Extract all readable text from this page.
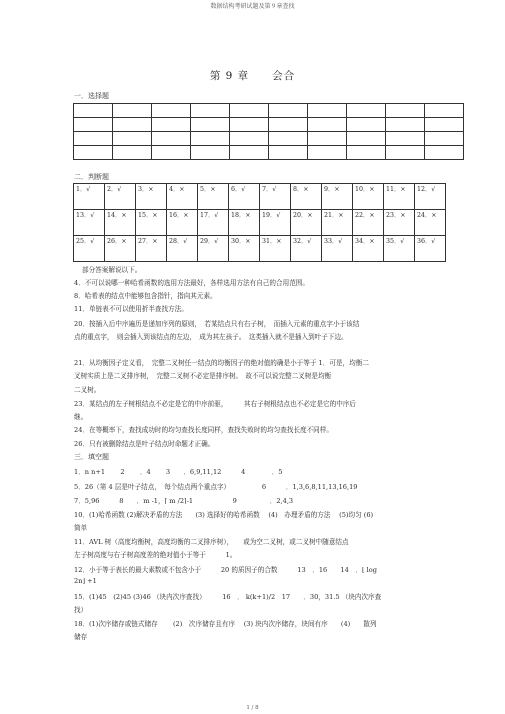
数据结构考研试题及第９章查找
第 9 章　　会合
一．选择题

二．判断题
1．√	2．√	3．×	4．×	5．×	6．√	7．√	8．×	9．×	10．×	11．×	12．√
13．√	14．×	15．×	16．×	17．√	18．×	19．√	20．×	21．×	22．×	23．×	24．×
25．√	26．×	27．×	28．√	29．√	30．×	31．×	32．√	33．√	34．×	35．√	36．√
部分答案解说以下。
4．不可以说哪一种哈希函数的选用方法最好，各样选用方法有自己的合用范围。
8．哈希表的结点中能够包含指针，指向其元素。
11．单链表不可以使用折半查找方法。
20．按插入后中序遍历是递加序列的原则，　若某结点只有右子树，　而插入元素的重点字小于该结
点的重点字，　则会插入到该结点的左边，　成为其左孩子。　这类插入就不是插入到叶子下边。
21．从均衡因子定义看，　完整二叉树任一结点的均衡因子的绝对值的确是小于等于 1．可是，均衡二
叉树实质上是二叉排序树，　完整二叉树不必定是排序树。　故不可以说完整二叉树是均衡
二叉树。
23．某结点的左子树根结点不必定是它的中序前驱，　　　其右子树根结点也不必定是它的中序后
继。
24．在等概率下，查找成功时的均匀查找长度同样，查找失败时的均匀查找长度不同样。
26．只有被删除结点是叶子结点时命题才正确。
1．n n+1　　 2　　 ．4　　 3　　．6,9,11,12　　　4　　　　．5
5．26（第 4 层是叶子结点，　每个结点两个重点字）　　　　　 6　　　．1,3,6,8,11,13,16,19
7．5,96　　　8　　．m -1，⌈ m /2⌉-1　　　　　　9　　　　　．2,4,3
10．(1)哈希函数 (2)解决矛盾的方法　　(3) 选择好的哈希函数　 (4)　办理矛盾的方法　 (5)均匀 (6)
简单
11．AVL 树（高度均衡树，高度均衡的二叉排序树），　　或为空二叉树，或二叉树中随意结点
左子树高度与右子树高度差的绝对值小于等于　　　1。
12．小于等于表长的最大素数或不包含小于　　　20 的质因子的合数　　　13　．16　　14　．⌊ log
2n⌋ +1
15．(1)45　(2)45 (3)46 （块内次序查找）　　　16　． k(k+1)/2　17　　．30，31.5 （块内次序查
找）
18．(1)次序储存或链式储存　　 (2)　次序储存且有序　 (3) 块内次序储存，块间有序　　(4)　　散列
储存
1 / 8
三．填空题
